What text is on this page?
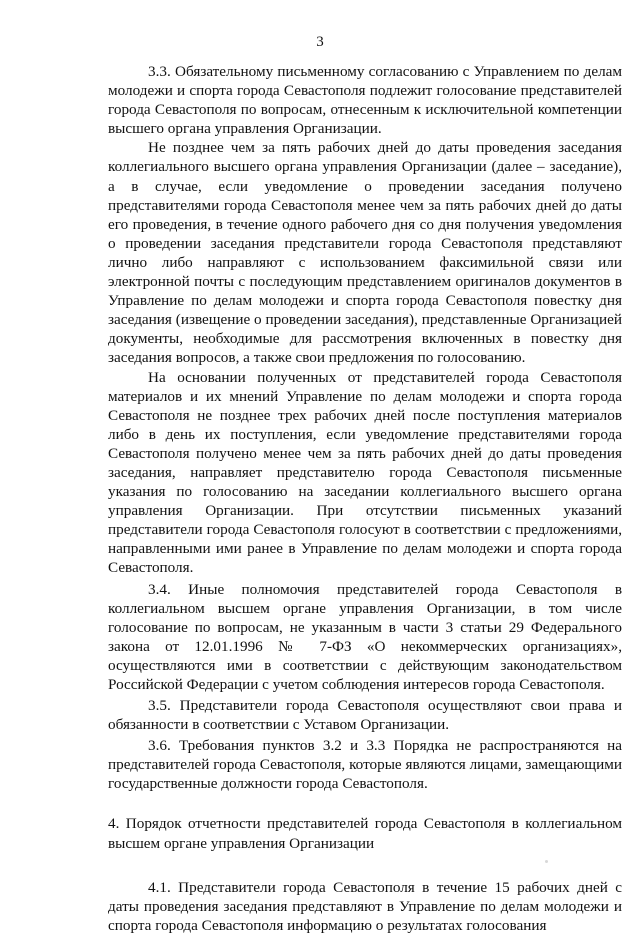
3

3.3. Обязательному письменному согласованию с Управлением по делам молодежи и спорта города Севастополя подлежит голосование представителей города Севастополя по вопросам, отнесенным к исключительной компетенции высшего органа управления Организации.

Не позднее чем за пять рабочих дней до даты проведения заседания коллегиального высшего органа управления Организации (далее – заседание), а в случае, если уведомление о проведении заседания получено представителями города Севастополя менее чем за пять рабочих дней до даты его проведения, в течение одного рабочего дня со дня получения уведомления о проведении заседания представители города Севастополя представляют лично либо направляют с использованием факсимильной связи или электронной почты с последующим представлением оригиналов документов в Управление по делам молодежи и спорта города Севастополя повестку дня заседания (извещение о проведении заседания), представленные Организацией документы, необходимые для рассмотрения включенных в повестку дня заседания вопросов, а также свои предложения по голосованию.

На основании полученных от представителей города Севастополя материалов и их мнений Управление по делам молодежи и спорта города Севастополя не позднее трех рабочих дней после поступления материалов либо в день их поступления, если уведомление представителями города Севастополя получено менее чем за пять рабочих дней до даты проведения заседания, направляет представителю города Севастополя письменные указания по голосованию на заседании коллегиального высшего органа управления Организации. При отсутствии письменных указаний представители города Севастополя голосуют в соответствии с предложениями, направленными ими ранее в Управление по делам молодежи и спорта города Севастополя.

3.4. Иные полномочия представителей города Севастополя в коллегиальном высшем органе управления Организации, в том числе голосование по вопросам, не указанным в части 3 статьи 29 Федерального закона от 12.01.1996 № 7-ФЗ «О некоммерческих организациях», осуществляются ими в соответствии с действующим законодательством Российской Федерации с учетом соблюдения интересов города Севастополя.

3.5. Представители города Севастополя осуществляют свои права и обязанности в соответствии с Уставом Организации.

3.6. Требования пунктов 3.2 и 3.3 Порядка не распространяются на представителей города Севастополя, которые являются лицами, замещающими государственные должности города Севастополя.

4. Порядок отчетности представителей города Севастополя в коллегиальном высшем органе управления Организации

4.1. Представители города Севастополя в течение 15 рабочих дней с даты проведения заседания представляют в Управление по делам молодежи и спорта города Севастополя информацию о результатах голосования
